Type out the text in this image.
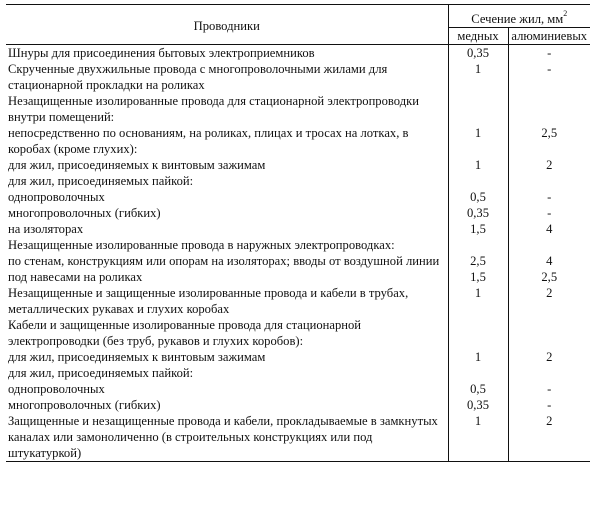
Проводники	Сечение жил, $мм^2$
	медных	алюминиевых
Шнуры для присоединения бытовых электроприемников	0,35	-
Скрученные двухжильные провода с многопроволочными жилами для стационарной прокладки на роликах	1	-
Незащищенные изолированные провода для стационарной электропроводки внутри помещений:		
непосредственно по основаниям, на роликах, плицах и тросах на лотках, в коробах (кроме глухих):	1	2,5
для жил, присоединяемых к винтовым зажимам	1	2
для жил, присоединяемых пайкой:		
однопроволочных	0,5	-
многопроволочных (гибких)	0,35	-
на изоляторах	1,5	4
Незащищенные изолированные провода в наружных электропроводках:		
по стенам, конструкциям или опорам на изоляторах; вводы от воздушной линии	2,5	4
под навесами на роликах	1,5	2,5
Незащищенные и защищенные изолированные провода и кабели в трубах, металлических рукавах и глухих коробах	1	2
Кабели и защищенные изолированные провода для стационарной электропроводки (без труб, рукавов и глухих коробов):		
для жил, присоединяемых к винтовым зажимам	1	2
для жил, присоединяемых пайкой:		
однопроволочных	0,5	-
многопроволочных (гибких)	0,35	-
Защищенные и незащищенные провода и кабели, прокладываемые в замкнутых каналах или замоноличенно (в строительных конструкциях или под штукатуркой)	1	2
